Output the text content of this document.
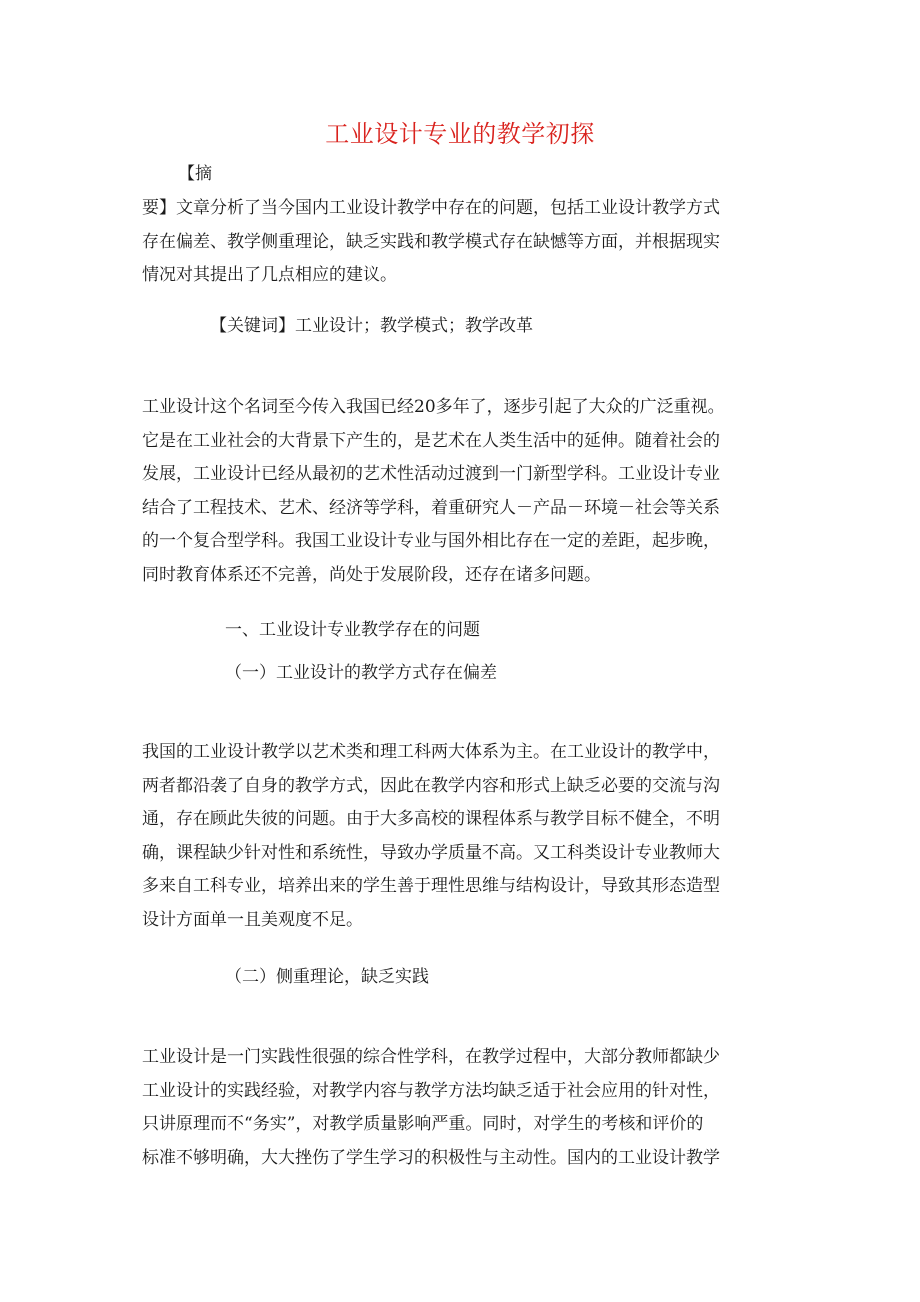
工业设计专业的教学初探
【摘
要】文章分析了当今国内工业设计教学中存在的问题，包括工业设计教学方式
存在偏差、教学侧重理论，缺乏实践和教学模式存在缺憾等方面，并根据现实
情况对其提出了几点相应的建议。
【关键词】工业设计；教学模式；教学改革
工业设计这个名词至今传入我国已经20多年了，逐步引起了大众的广泛重视。
它是在工业社会的大背景下产生的，是艺术在人类生活中的延伸。随着社会的
发展，工业设计已经从最初的艺术性活动过渡到一门新型学科。工业设计专业
结合了工程技术、艺术、经济等学科，着重研究人－产品－环境－社会等关系
的一个复合型学科。我国工业设计专业与国外相比存在一定的差距，起步晚，
同时教育体系还不完善，尚处于发展阶段，还存在诸多问题。
一、工业设计专业教学存在的问题
（一）工业设计的教学方式存在偏差
我国的工业设计教学以艺术类和理工科两大体系为主。在工业设计的教学中，
两者都沿袭了自身的教学方式，因此在教学内容和形式上缺乏必要的交流与沟
通，存在顾此失彼的问题。由于大多高校的课程体系与教学目标不健全，不明
确，课程缺少针对性和系统性，导致办学质量不高。又工科类设计专业教师大
多来自工科专业，培养出来的学生善于理性思维与结构设计，导致其形态造型
设计方面单一且美观度不足。
（二）侧重理论，缺乏实践
工业设计是一门实践性很强的综合性学科，在教学过程中，大部分教师都缺少
工业设计的实践经验，对教学内容与教学方法均缺乏适于社会应用的针对性，
只讲原理而不“务实”，对教学质量影响严重。同时，对学生的考核和评价的
标准不够明确，大大挫伤了学生学习的积极性与主动性。国内的工业设计教学
